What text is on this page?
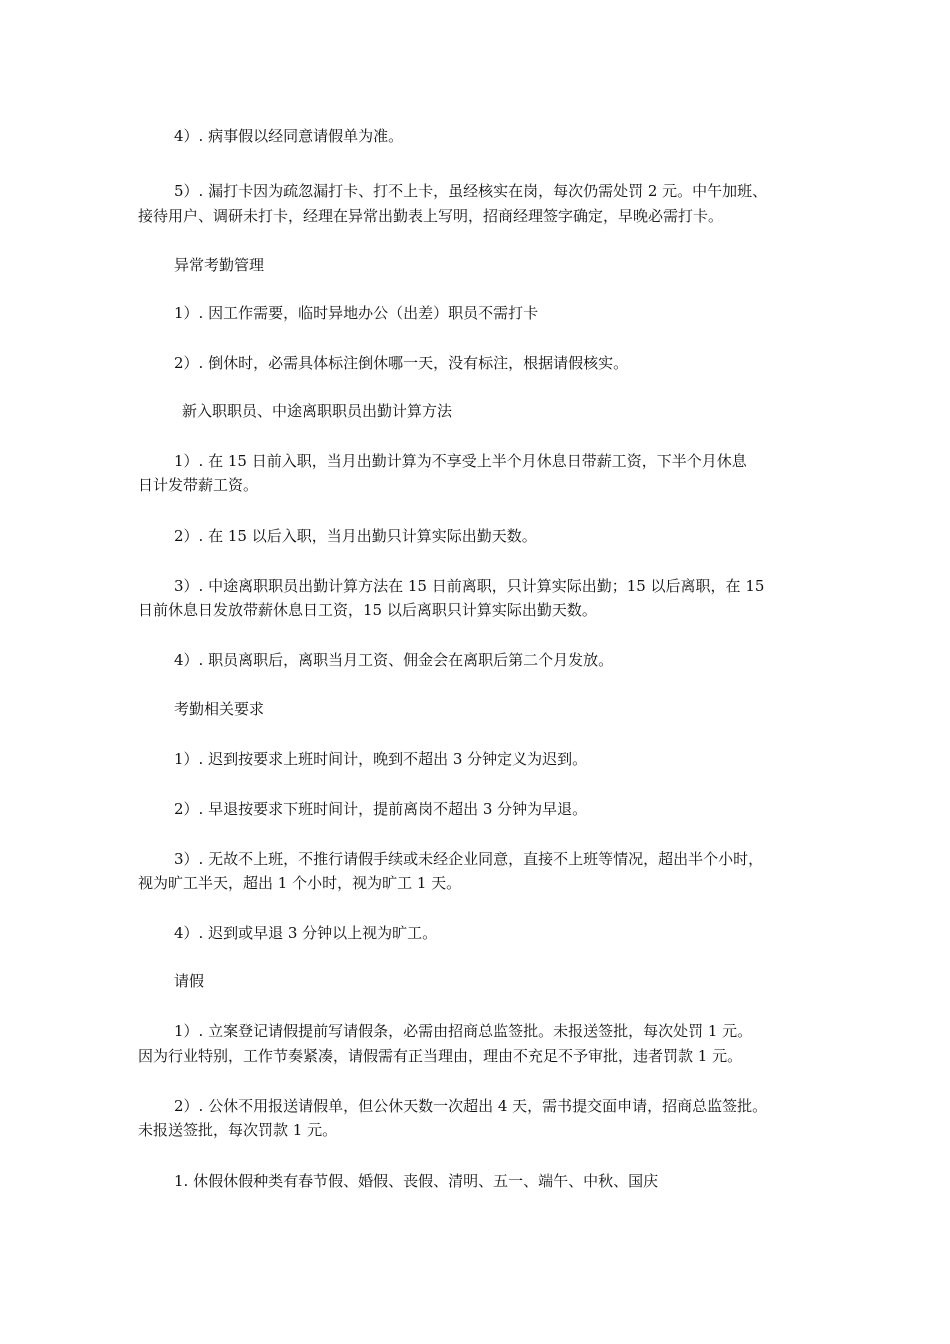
4）. 病事假以经同意请假单为准。
5）. 漏打卡因为疏忽漏打卡、打不上卡，虽经核实在岗，每次仍需处罚 2 元。中午加班、
接待用户、调研未打卡，经理在异常出勤表上写明，招商经理签字确定，早晚必需打卡。
异常考勤管理
1）. 因工作需要，临时异地办公（出差）职员不需打卡
2）. 倒休时，必需具体标注倒休哪一天，没有标注，根据请假核实。
新入职职员、中途离职职员出勤计算方法
1）. 在 15 日前入职，当月出勤计算为不享受上半个月休息日带薪工资，下半个月休息
日计发带薪工资。
2）. 在 15 以后入职，当月出勤只计算实际出勤天数。
3）. 中途离职职员出勤计算方法在 15 日前离职，只计算实际出勤；15 以后离职，在 15
日前休息日发放带薪休息日工资，15 以后离职只计算实际出勤天数。
4）. 职员离职后，离职当月工资、佣金会在离职后第二个月发放。
考勤相关要求
1）. 迟到按要求上班时间计，晚到不超出 3 分钟定义为迟到。
2）. 早退按要求下班时间计，提前离岗不超出 3 分钟为早退。
3）. 无故不上班，不推行请假手续或未经企业同意，直接不上班等情况，超出半个小时，
视为旷工半天，超出 1 个小时，视为旷工 1 天。
4）. 迟到或早退 3 分钟以上视为旷工。
请假
1）. 立案登记请假提前写请假条，必需由招商总监签批。未报送签批，每次处罚 1 元。
因为行业特别，工作节奏紧凑，请假需有正当理由，理由不充足不予审批，违者罚款 1 元。
2）. 公休不用报送请假单，但公休天数一次超出 4 天，需书提交面申请，招商总监签批。
未报送签批，每次罚款 1 元。
1. 休假休假种类有春节假、婚假、丧假、清明、五一、端午、中秋、国庆
